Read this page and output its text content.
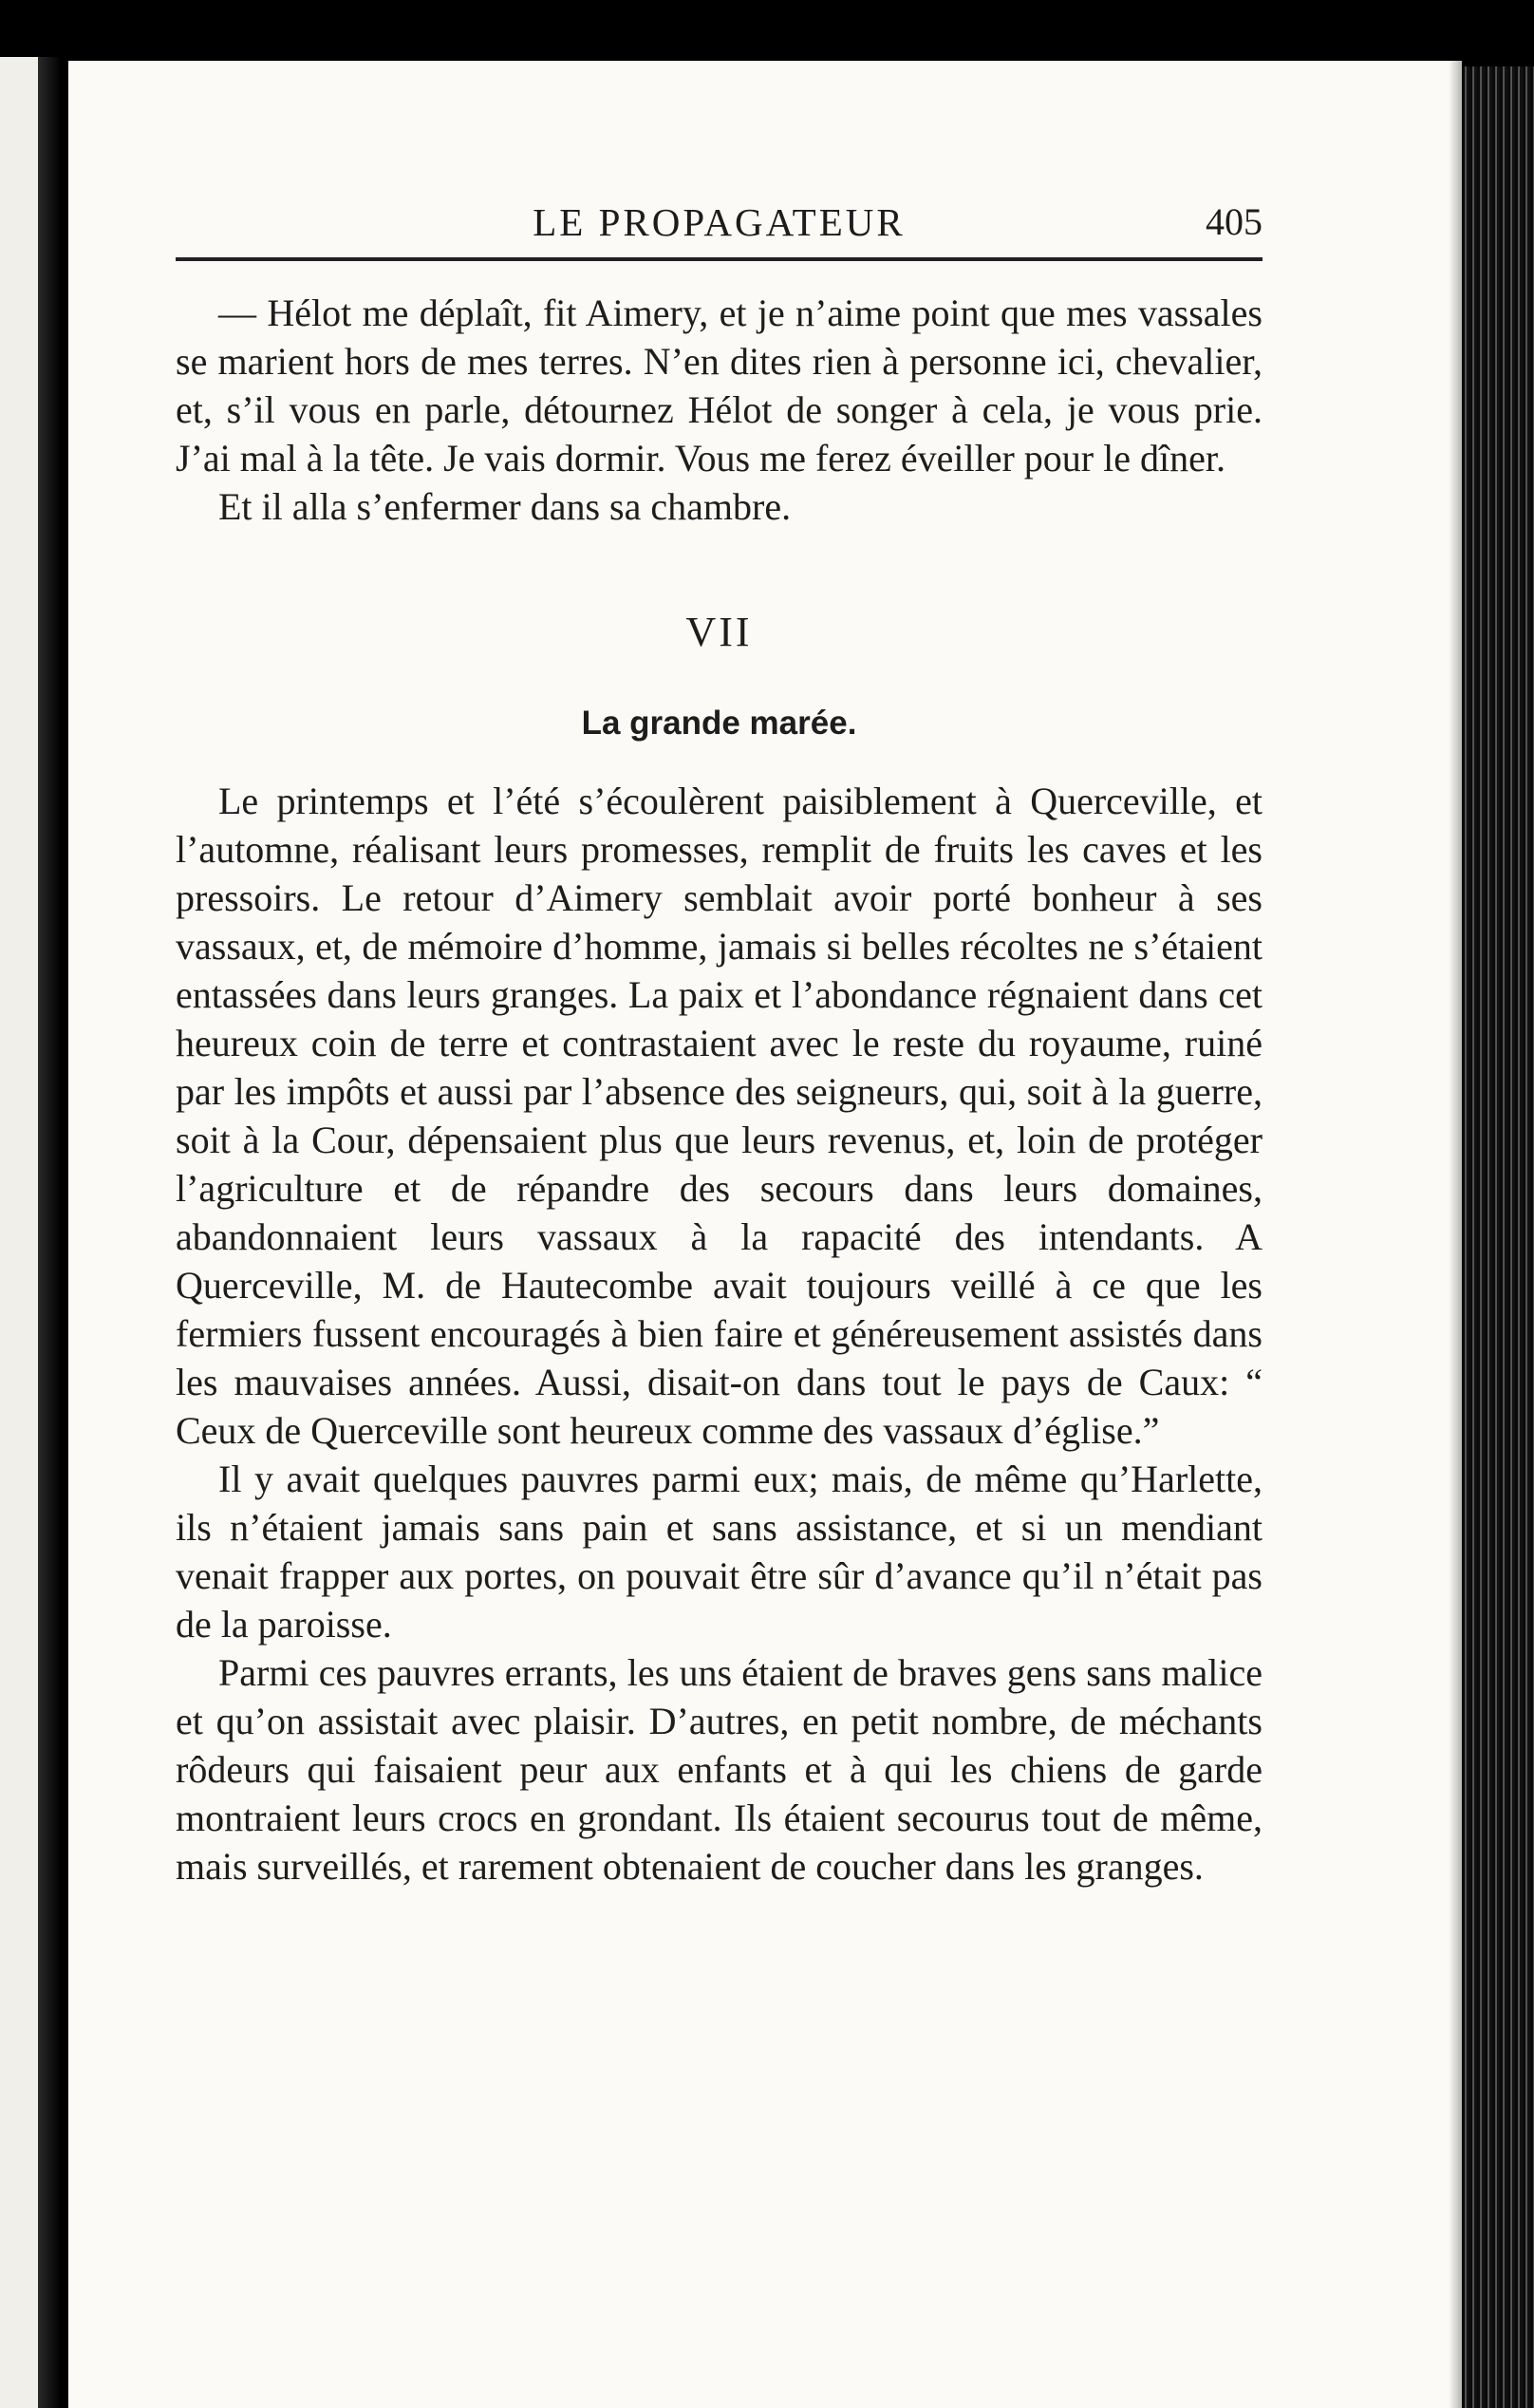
LE PROPAGATEUR	405

— Hélot me déplaît, fit Aimery, et je n’aime point que mes vassales se marient hors de mes terres. N’en dites rien à personne ici, chevalier, et, s’il vous en parle, détournez Hélot de songer à cela, je vous prie. J’ai mal à la tête. Je vais dormir. Vous me ferez éveiller pour le dîner.

Et il alla s’enfermer dans sa chambre.

VII
La grande marée.

Le printemps et l’été s’écoulèrent paisiblement à Querceville, et l’automne, réalisant leurs promesses, remplit de fruits les caves et les pressoirs. Le retour d’Aimery semblait avoir porté bonheur à ses vassaux, et, de mémoire d’homme, jamais si belles récoltes ne s’étaient entassées dans leurs granges. La paix et l’abondance régnaient dans cet heureux coin de terre et contrastaient avec le reste du royaume, ruiné par les impôts et aussi par l’absence des seigneurs, qui, soit à la guerre, soit à la Cour, dépensaient plus que leurs revenus, et, loin de protéger l’agriculture et de répandre des secours dans leurs domaines, abandonnaient leurs vassaux à la rapacité des intendants. A Querceville, M. de Hautecombe avait toujours veillé à ce que les fermiers fussent encouragés à bien faire et généreusement assistés dans les mauvaises années. Aussi, disait-on dans tout le pays de Caux: “ Ceux de Querceville sont heureux comme des vassaux d’église.”

Il y avait quelques pauvres parmi eux; mais, de même qu’Harlette, ils n’étaient jamais sans pain et sans assistance, et si un mendiant venait frapper aux portes, on pouvait être sûr d’avance qu’il n’était pas de la paroisse.

Parmi ces pauvres errants, les uns étaient de braves gens sans malice et qu’on assistait avec plaisir. D’autres, en petit nombre, de méchants rôdeurs qui faisaient peur aux enfants et à qui les chiens de garde montraient leurs crocs en grondant. Ils étaient secourus tout de même, mais surveillés, et rarement obtenaient de coucher dans les granges.
